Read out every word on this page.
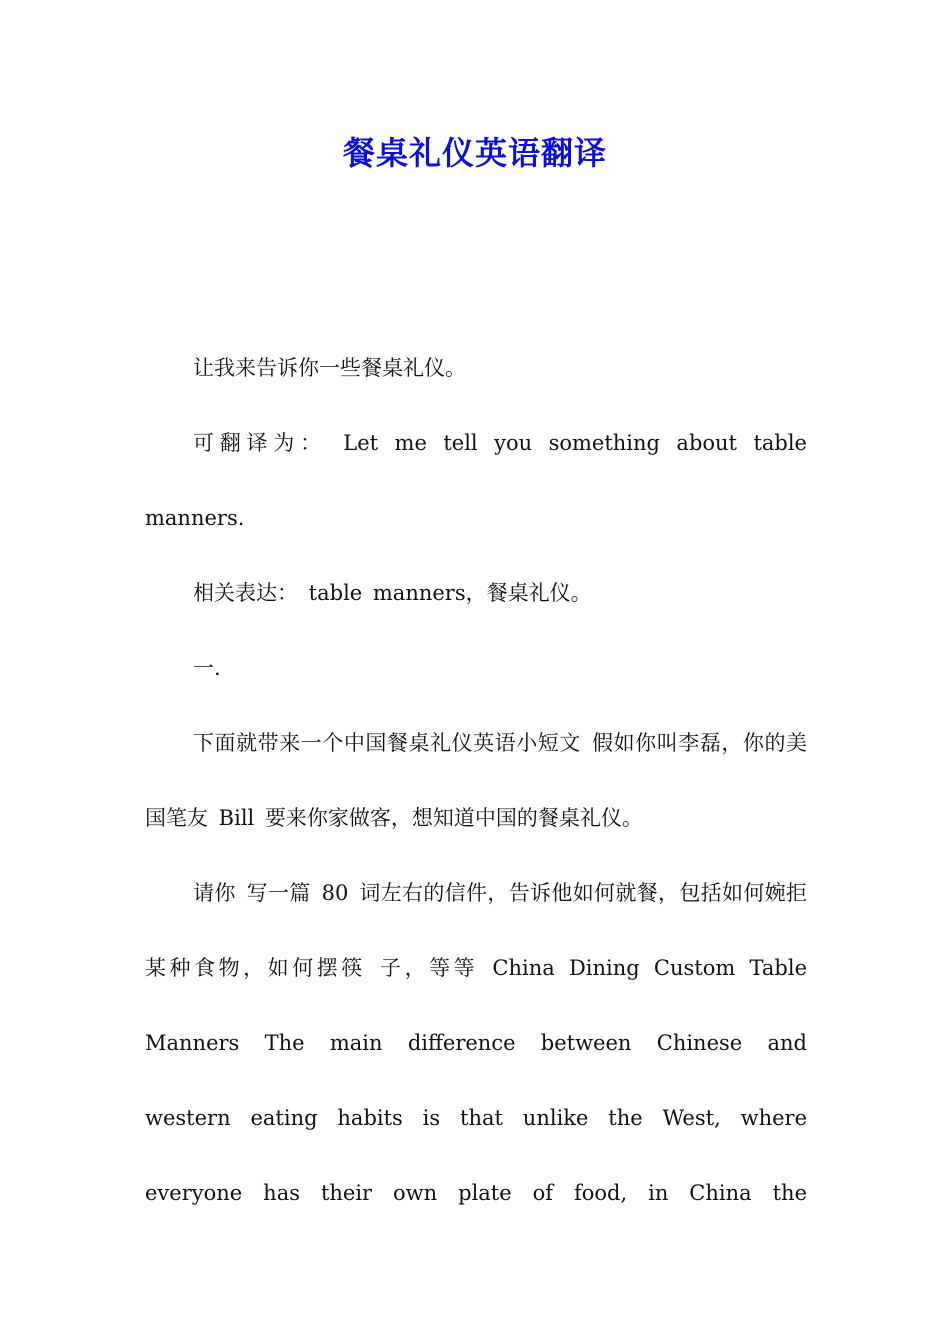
餐桌礼仪英语翻译

让我来告诉你一些餐桌礼仪。

可翻译为： Let me tell you something about table manners.

相关表达： table manners，餐桌礼仪。

一.

下面就带来一个中国餐桌礼仪英语小短文 假如你叫李磊，你的美国笔友 Bill 要来你家做客，想知道中国的餐桌礼仪。

请你 写一篇 80 词左右的信件，告诉他如何就餐，包括如何婉拒某种食物，如何摆筷 子，等等 China Dining Custom Table Manners The main difference between Chinese and western eating habits is that unlike the West, where everyone has their own plate of food, in China the
